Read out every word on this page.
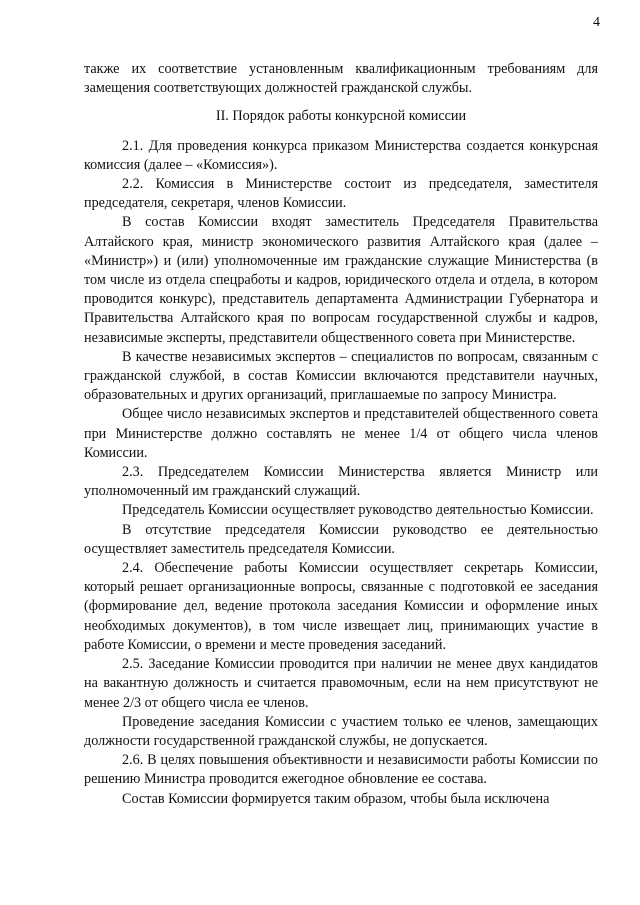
4

также их соответствие установленным квалификационным требованиям для замещения соответствующих должностей гражданской службы.

II. Порядок работы конкурсной комиссии

2.1. Для проведения конкурса приказом Министерства создается конкурсная комиссия (далее – «Комиссия»).

2.2. Комиссия в Министерстве состоит из председателя, заместителя председателя, секретаря, членов Комиссии.

В состав Комиссии входят заместитель Председателя Правительства Алтайского края, министр экономического развития Алтайского края (далее – «Министр») и (или) уполномоченные им гражданские служащие Министерства (в том числе из отдела спецработы и кадров, юридического отдела и отдела, в котором проводится конкурс), представитель департамента Администрации Губернатора и Правительства Алтайского края по вопросам государственной службы и кадров, независимые эксперты, представители общественного совета при Министерстве.

В качестве независимых экспертов – специалистов по вопросам, связанным с гражданской службой, в состав Комиссии включаются представители научных, образовательных и других организаций, приглашаемые по запросу Министра.

Общее число независимых экспертов и представителей общественного совета при Министерстве должно составлять не менее 1/4 от общего числа членов Комиссии.

2.3. Председателем Комиссии Министерства является Министр или уполномоченный им гражданский служащий.

Председатель Комиссии осуществляет руководство деятельностью Комиссии.

В отсутствие председателя Комиссии руководство ее деятельностью осуществляет заместитель председателя Комиссии.

2.4. Обеспечение работы Комиссии осуществляет секретарь Комиссии, который решает организационные вопросы, связанные с подготовкой ее заседания (формирование дел, ведение протокола заседания Комиссии и оформление иных необходимых документов), в том числе извещает лиц, принимающих участие в работе Комиссии, о времени и месте проведения заседаний.

2.5. Заседание Комиссии проводится при наличии не менее двух кандидатов на вакантную должность и считается правомочным, если на нем присутствуют не менее 2/3 от общего числа ее членов.

Проведение заседания Комиссии с участием только ее членов, замещающих должности государственной гражданской службы, не допускается.

2.6. В целях повышения объективности и независимости работы Комиссии по решению Министра проводится ежегодное обновление ее состава.

Состав Комиссии формируется таким образом, чтобы была исключена
